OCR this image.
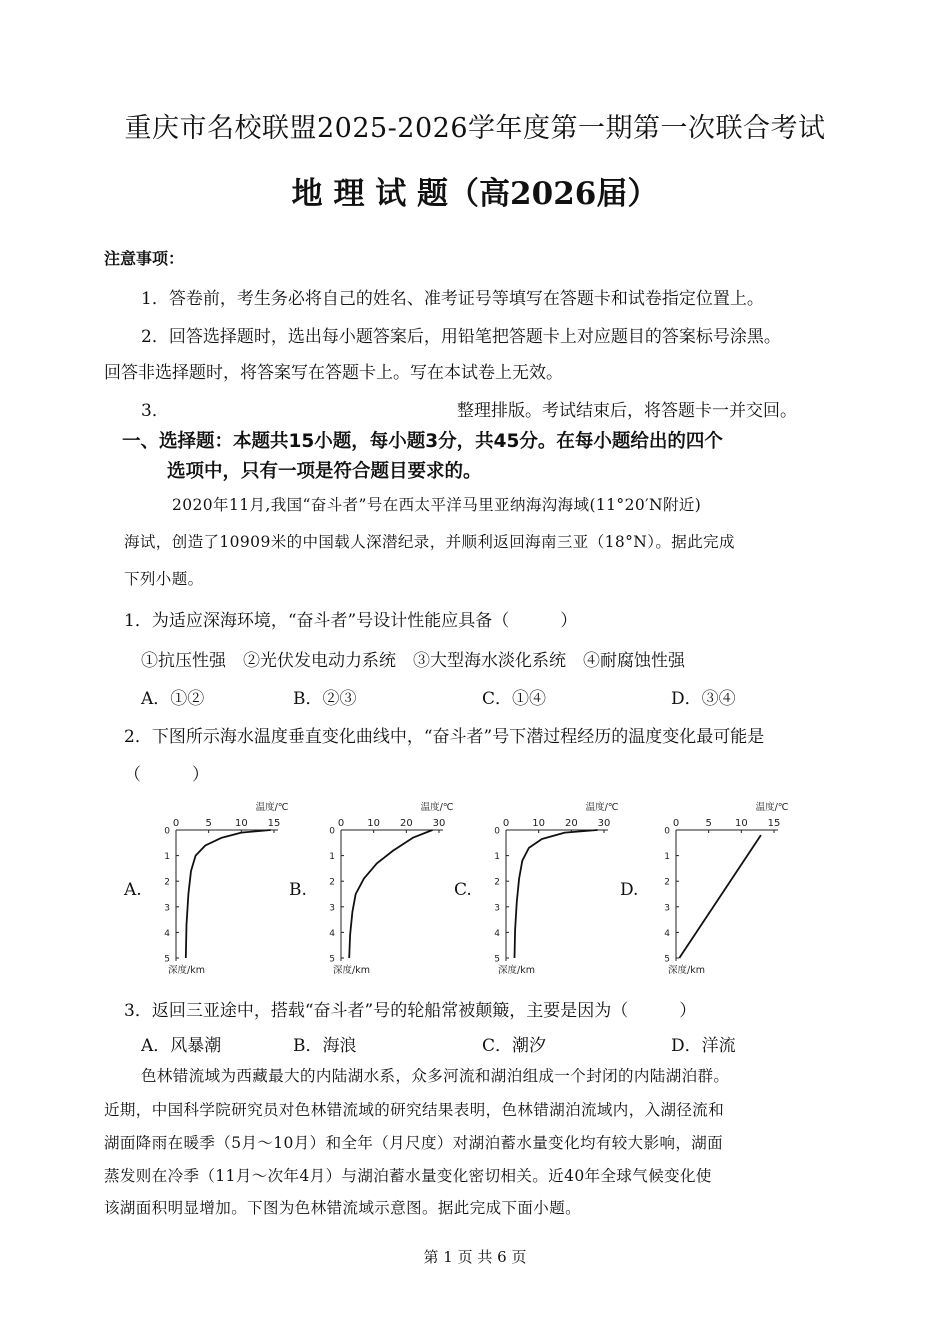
重庆市名校联盟2025-2026学年度第一期第一次联合考试
地 理 试 题（高2026届）
注意事项：
1．答卷前，考生务必将自己的姓名、准考证号等填写在答题卡和试卷指定位置上。
2．回答选择题时，选出每小题答案后，用铅笔把答题卡上对应题目的答案标号涂黑。
回答非选择题时，将答案写在答题卡上。写在本试卷上无效。
3．	整理排版。考试结束后，将答题卡一并交回。
一、选择题：本题共15小题，每小题3分，共45分。在每小题给出的四个
选项中，只有一项是符合题目要求的。
2020年11月,我国“奋斗者”号在西太平洋马里亚纳海沟海域(11°20′N附近)
海试，创造了10909米的中国载人深潜纪录，并顺利返回海南三亚（18°N）。据此完成
下列小题。
1．为适应深海环境，“奋斗者”号设计性能应具备（　　　）
①抗压性强　②光伏发电动力系统　③大型海水淡化系统　④耐腐蚀性强
A．①②	B．②③	C．①④	D．③④
2．下图所示海水温度垂直变化曲线中，“奋斗者”号下潜过程经历的温度变化最可能是
（　　　）
A.	B.	C.	D.
0	5 10 15
0
1
2
3
4
5
温度/℃
深度/km
0 10 20 30
0
1
2
3
4
5
温度/℃
深度/km
0 10 20 30
0
1
2
3
4
5
温度/℃
深度/km
0	5 10 15
0
1
2
3
4
5
温度/℃
深度/km
3．返回三亚途中，搭载“奋斗者”号的轮船常被颠簸，主要是因为（　　　）
A．风暴潮	B．海浪	C．潮汐	D．洋流
色林错流域为西藏最大的内陆湖水系，众多河流和湖泊组成一个封闭的内陆湖泊群。
近期，中国科学院研究员对色林错流域的研究结果表明，色林错湖泊流域内，入湖径流和
湖面降雨在暖季（5月～10月）和全年（月尺度）对湖泊蓄水量变化均有较大影响，湖面
蒸发则在冷季（11月～次年4月）与湖泊蓄水量变化密切相关。近40年全球气候变化使
该湖面积明显增加。下图为色林错流域示意图。据此完成下面小题。
第 1 页 共 6 页
